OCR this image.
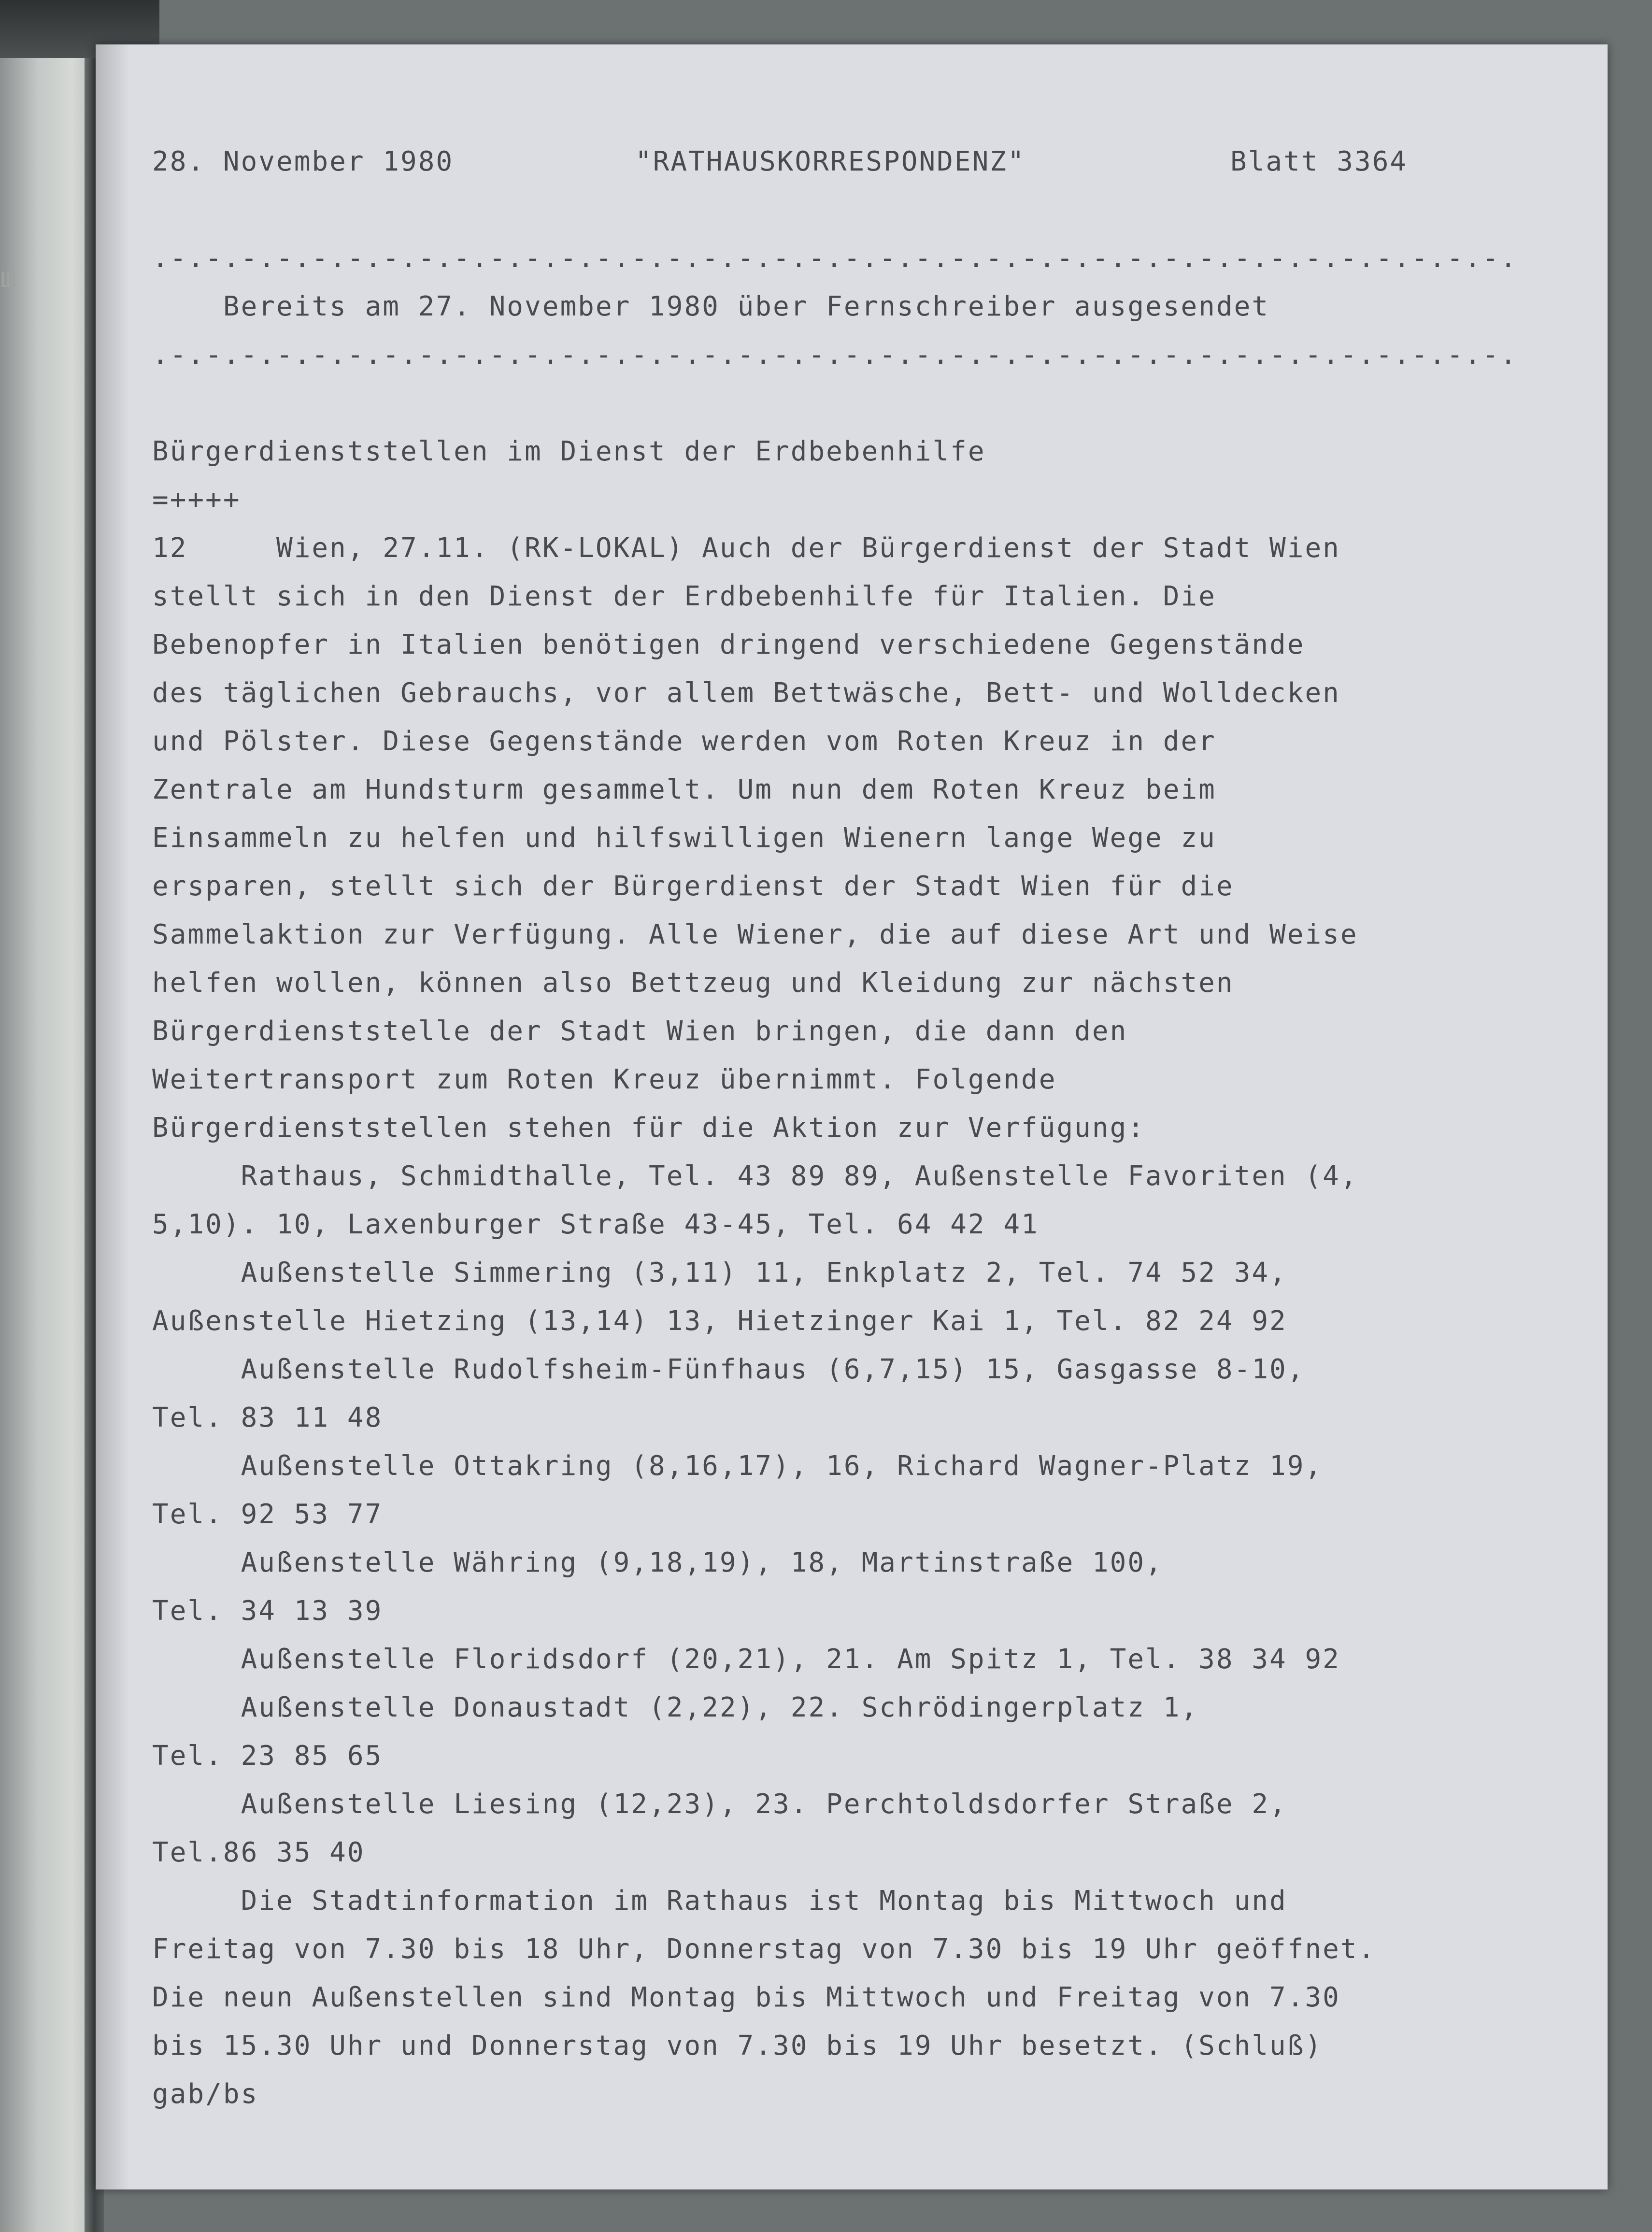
ш
28. November 1980	"RATHAUSKORRESPONDENZ"	Blatt 3364
.-.-.-.-.-.-.-.-.-.-.-.-.-.-.-.-.-.-.-.-.-.-.-.-.-.-.-.-.-.-.-.-.-.-.-.-.-.-.
Bereits am 27. November 1980 über Fernschreiber ausgesendet
.-.-.-.-.-.-.-.-.-.-.-.-.-.-.-.-.-.-.-.-.-.-.-.-.-.-.-.-.-.-.-.-.-.-.-.-.-.-.
Bürgerdienststellen im Dienst der Erdbebenhilfe
=++++
12     Wien, 27.11. (RK-LOKAL) Auch der Bürgerdienst der Stadt Wien
stellt sich in den Dienst der Erdbebenhilfe für Italien. Die
Bebenopfer in Italien benötigen dringend verschiedene Gegenstände
des täglichen Gebrauchs, vor allem Bettwäsche, Bett- und Wolldecken
und Pölster. Diese Gegenstände werden vom Roten Kreuz in der
Zentrale am Hundsturm gesammelt. Um nun dem Roten Kreuz beim
Einsammeln zu helfen und hilfswilligen Wienern lange Wege zu
ersparen, stellt sich der Bürgerdienst der Stadt Wien für die
Sammelaktion zur Verfügung. Alle Wiener, die auf diese Art und Weise
helfen wollen, können also Bettzeug und Kleidung zur nächsten
Bürgerdienststelle der Stadt Wien bringen, die dann den
Weitertransport zum Roten Kreuz übernimmt. Folgende
Bürgerdienststellen stehen für die Aktion zur Verfügung:
Rathaus, Schmidthalle, Tel. 43 89 89, Außenstelle Favoriten (4,
5,10). 10, Laxenburger Straße 43-45, Tel. 64 42 41
Außenstelle Simmering (3,11) 11, Enkplatz 2, Tel. 74 52 34,
Außenstelle Hietzing (13,14) 13, Hietzinger Kai 1, Tel. 82 24 92
Außenstelle Rudolfsheim-Fünfhaus (6,7,15) 15, Gasgasse 8-10,
Tel. 83 11 48
Außenstelle Ottakring (8,16,17), 16, Richard Wagner-Platz 19,
Tel. 92 53 77
Außenstelle Währing (9,18,19), 18, Martinstraße 100,
Tel. 34 13 39
Außenstelle Floridsdorf (20,21), 21. Am Spitz 1, Tel. 38 34 92
Außenstelle Donaustadt (2,22), 22. Schrödingerplatz 1,
Tel. 23 85 65
Außenstelle Liesing (12,23), 23. Perchtoldsdorfer Straße 2,
Tel.86 35 40
Die Stadtinformation im Rathaus ist Montag bis Mittwoch und
Freitag von 7.30 bis 18 Uhr, Donnerstag von 7.30 bis 19 Uhr geöffnet.
Die neun Außenstellen sind Montag bis Mittwoch und Freitag von 7.30
bis 15.30 Uhr und Donnerstag von 7.30 bis 19 Uhr besetzt. (Schluß)
gab/bs
